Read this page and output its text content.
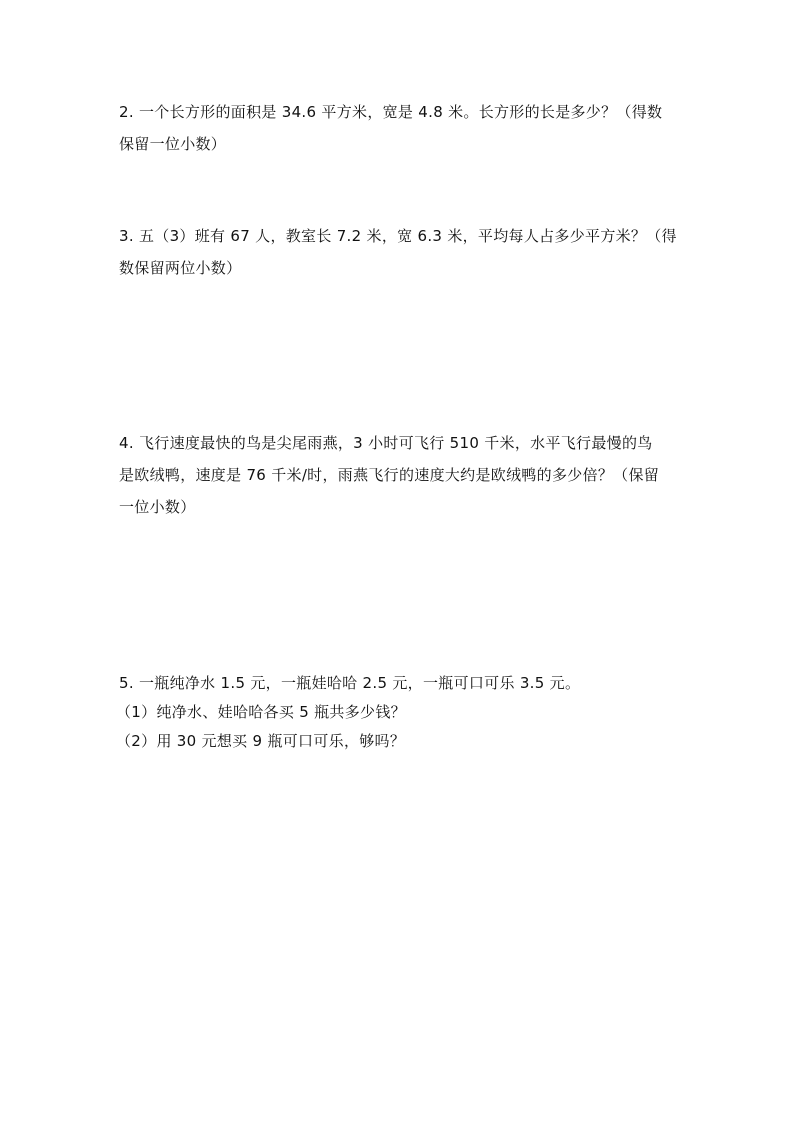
2. 一个长方形的面积是 34.6 平方米，宽是 4.8 米。长方形的长是多少？（得数
保留一位小数）
3. 五（3）班有 67 人，教室长 7.2 米，宽 6.3 米，平均每人占多少平方米？（得
数保留两位小数）
4. 飞行速度最快的鸟是尖尾雨燕，3 小时可飞行 510 千米，水平飞行最慢的鸟
是欧绒鸭，速度是 76 千米/时，雨燕飞行的速度大约是欧绒鸭的多少倍？（保留
一位小数）
5. 一瓶纯净水 1.5 元，一瓶娃哈哈 2.5 元，一瓶可口可乐 3.5 元。
（1）纯净水、娃哈哈各买 5 瓶共多少钱？
（2）用 30 元想买 9 瓶可口可乐，够吗？
